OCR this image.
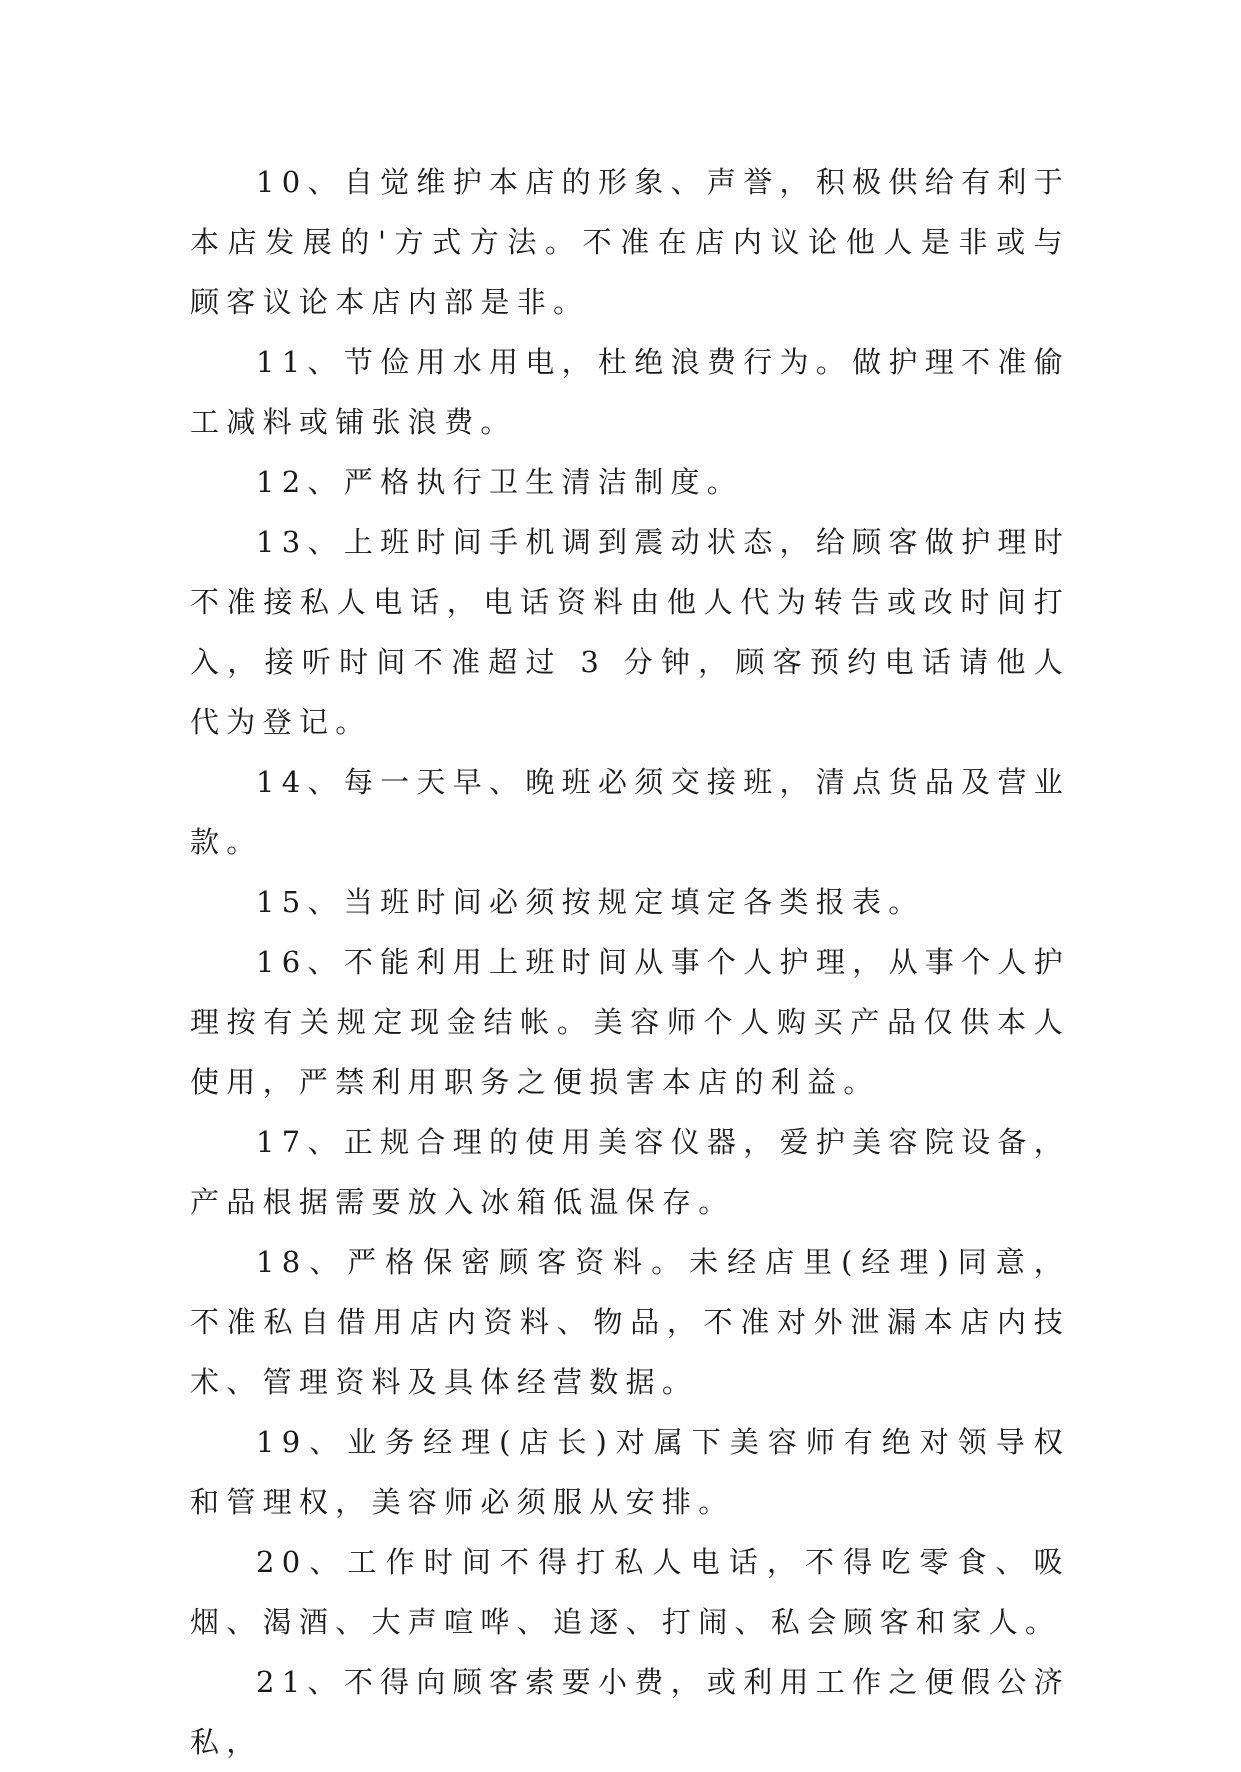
10、自觉维护本店的形象、声誉，积极供给有利于本店发展的'方式方法。不准在店内议论他人是非或与顾客议论本店内部是非。

11、节俭用水用电，杜绝浪费行为。做护理不准偷工减料或铺张浪费。

12、严格执行卫生清洁制度。

13、上班时间手机调到震动状态，给顾客做护理时不准接私人电话，电话资料由他人代为转告或改时间打入，接听时间不准超过 3 分钟，顾客预约电话请他人代为登记。

14、每一天早、晚班必须交接班，清点货品及营业款。

15、当班时间必须按规定填定各类报表。

16、不能利用上班时间从事个人护理，从事个人护理按有关规定现金结帐。美容师个人购买产品仅供本人使用，严禁利用职务之便损害本店的利益。

17、正规合理的使用美容仪器，爱护美容院设备，产品根据需要放入冰箱低温保存。

18、严格保密顾客资料。未经店里(经理)同意，不准私自借用店内资料、物品，不准对外泄漏本店内技术、管理资料及具体经营数据。

19、业务经理(店长)对属下美容师有绝对领导权和管理权，美容师必须服从安排。

20、工作时间不得打私人电话，不得吃零食、吸烟、渴酒、大声喧哗、追逐、打闹、私会顾客和家人。

21、不得向顾客索要小费，或利用工作之便假公济私，
